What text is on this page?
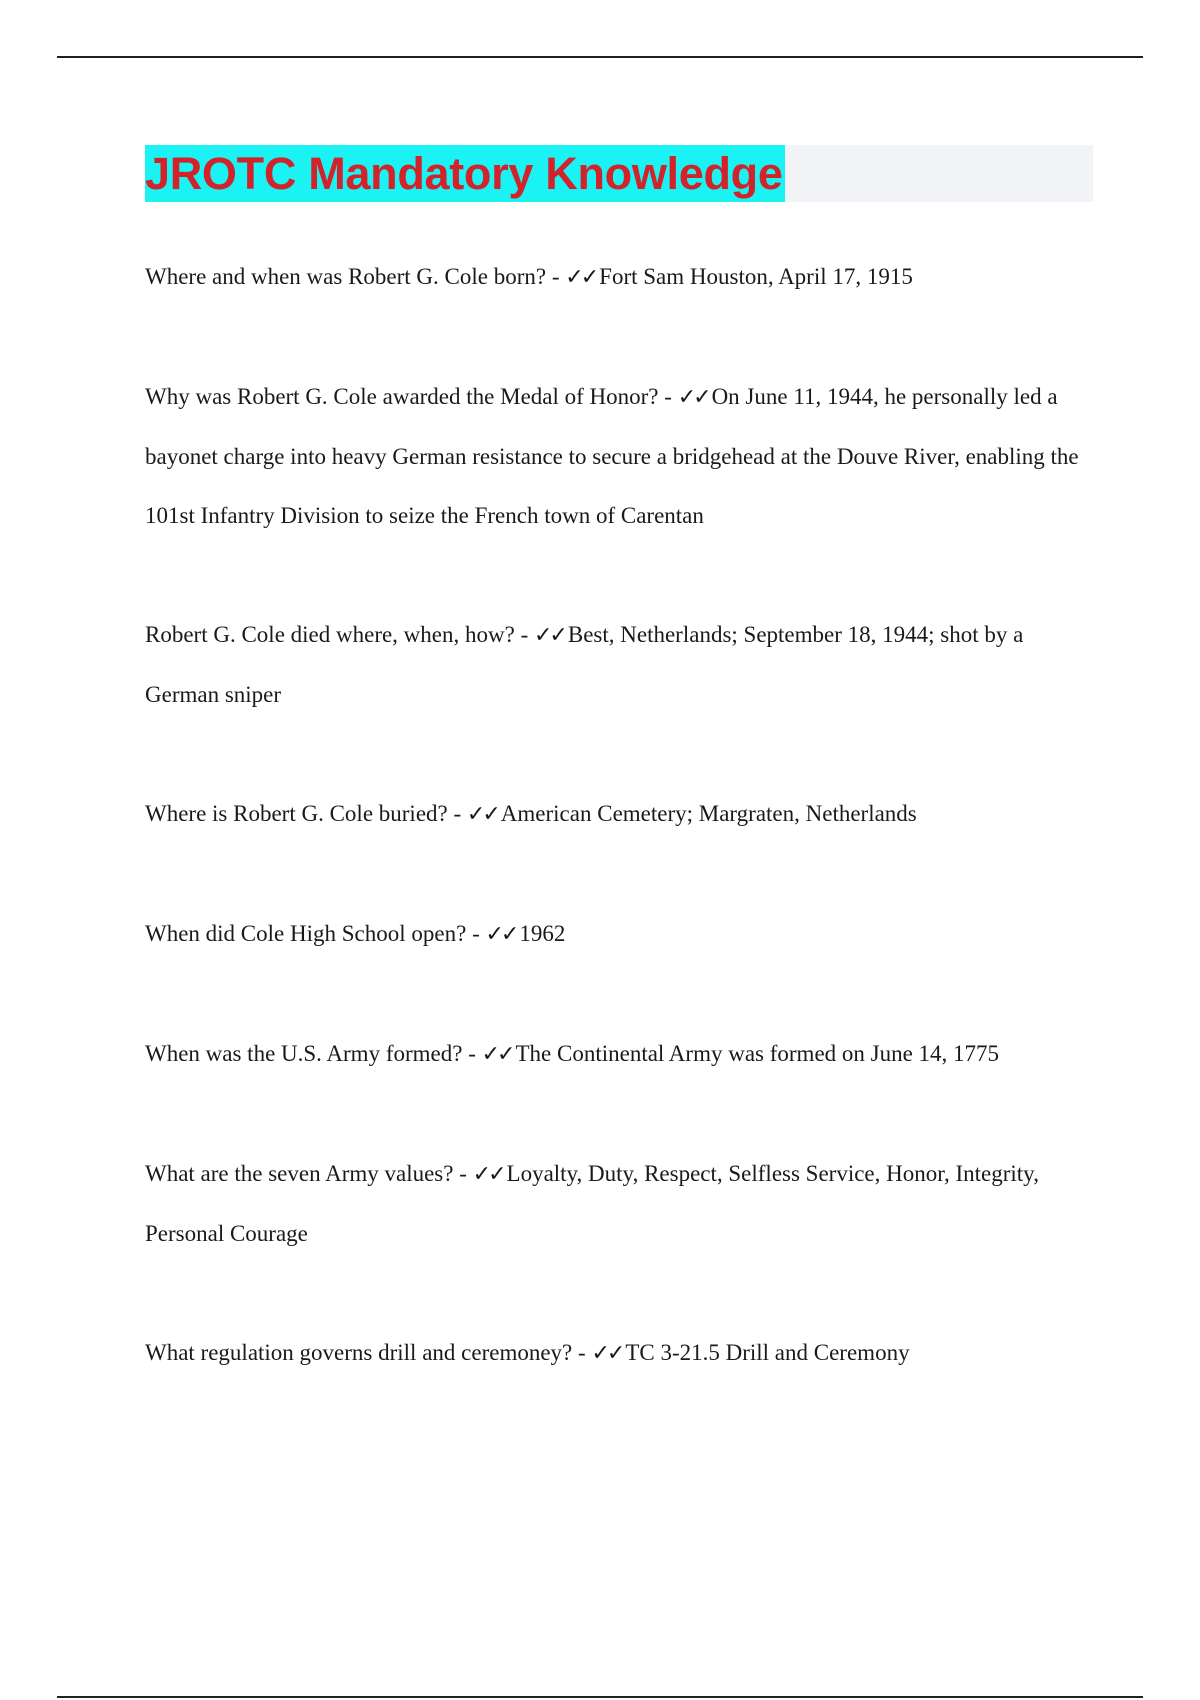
JROTC Mandatory Knowledge

Where and when was Robert G. Cole born? - ✓✓ Fort Sam Houston, April 17, 1915

Why was Robert G. Cole awarded the Medal of Honor? - ✓✓ On June 11, 1944, he personally led a bayonet charge into heavy German resistance to secure a bridgehead at the Douve River, enabling the 101st Infantry Division to seize the French town of Carentan

Robert G. Cole died where, when, how? - ✓✓ Best, Netherlands; September 18, 1944; shot by a German sniper

Where is Robert G. Cole buried? - ✓✓ American Cemetery; Margraten, Netherlands

When did Cole High School open? - ✓✓ 1962

When was the U.S. Army formed? - ✓✓ The Continental Army was formed on June 14, 1775

What are the seven Army values? - ✓✓ Loyalty, Duty, Respect, Selfless Service, Honor, Integrity, Personal Courage

What regulation governs drill and ceremoney? - ✓✓ TC 3-21.5 Drill and Ceremony
